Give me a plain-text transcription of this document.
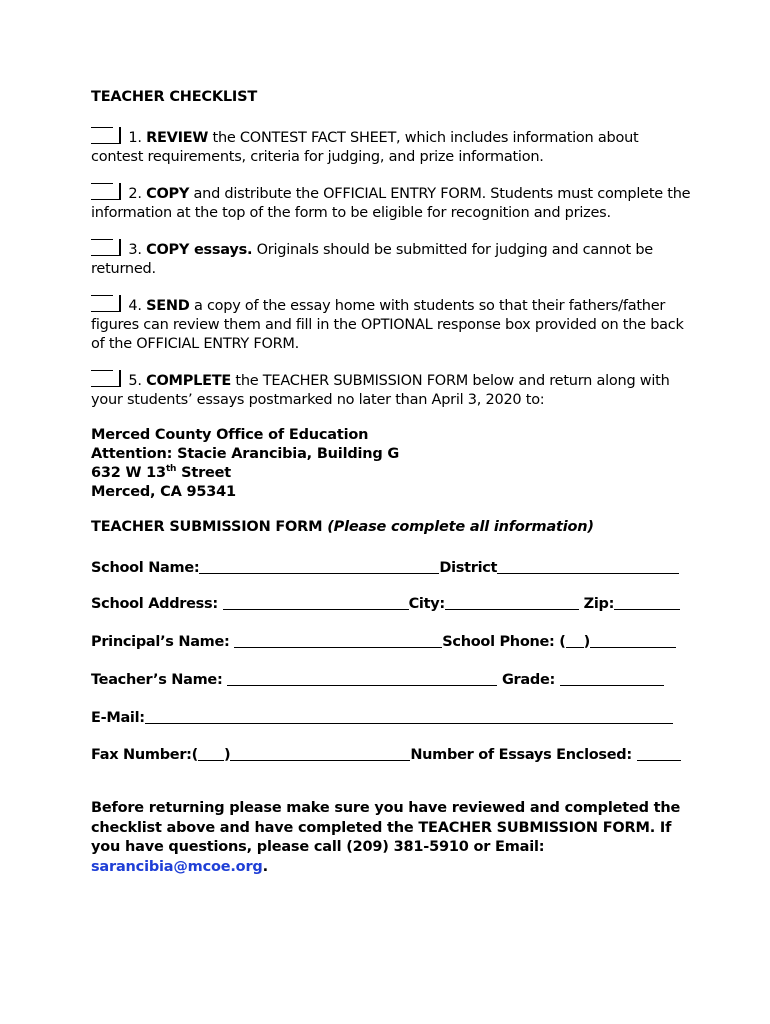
TEACHER CHECKLIST
1. REVIEW the CONTEST FACT SHEET, which includes information about contest requirements, criteria for judging, and prize information.
2. COPY and distribute the OFFICIAL ENTRY FORM. Students must complete the information at the top of the form to be eligible for recognition and prizes.
3. COPY essays. Originals should be submitted for judging and cannot be returned.
4. SEND a copy of the essay home with students so that their fathers/father figures can review them and fill in the OPTIONAL response box provided on the back of the OFFICIAL ENTRY FORM.
5. COMPLETE the TEACHER SUBMISSION FORM below and return along with your students’ essays postmarked no later than April 3, 2020 to:
Merced County Office of Education
Attention: Stacie Arancibia, Building G
632 W 13th Street
Merced, CA 95341
TEACHER SUBMISSION FORM (Please complete all information)
School Name:	District
School Address:	City:	Zip:
Principal’s Name:	School Phone: ( )
Teacher’s Name:	Grade:
E-Mail:
Fax Number:( )	Number of Essays Enclosed:
Before returning please make sure you have reviewed and completed the checklist above and have completed the TEACHER SUBMISSION FORM. If you have questions, please call (209) 381-5910 or Email: sarancibia@mcoe.org.
